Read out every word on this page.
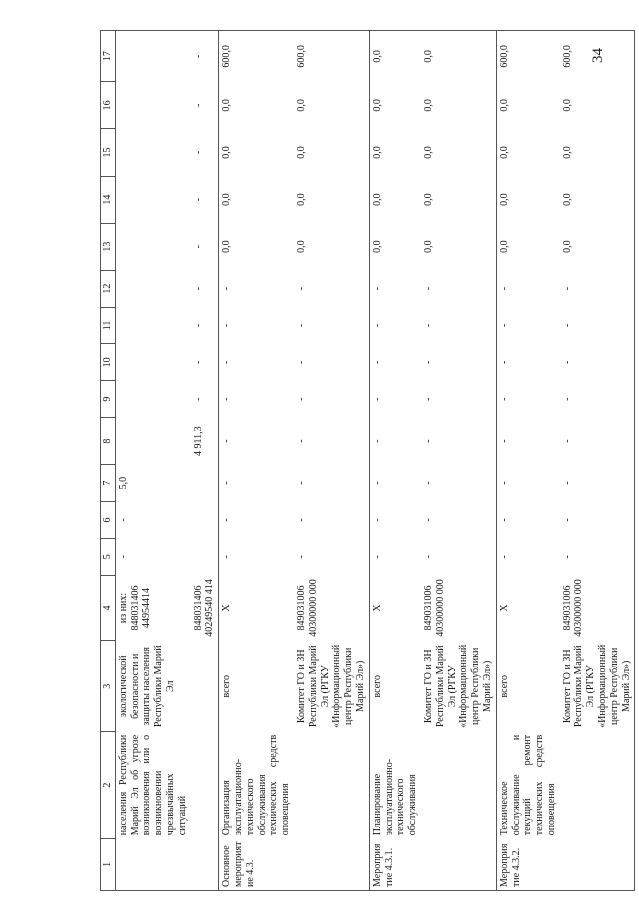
34
1	2	3	4	5	6	7	8	9	10	11	12	13	14	15	16	17
	населения Республики Марий Эл об угрозе возникновения или о возникновении чрезвычайных ситуаций	экологической безопасности и защиты населения Республики Марий Эл	из них: 848031406 44954414	-	-	5,0										
			848031406 40249540 414				4 911,3	-	-	-	-	-	-	-	-	-
Основное мероприятие 4.3.	Организация эксплуатационно-технического обслуживания технических средств оповещения	всего	X	-	-	-	-	-	-	-	-	0,0	0,0	0,0	0,0	600,0
		Комитет ГО и ЗН Республики Марий Эл (РГКУ «Информационный центр Республики Марий Эл»)	849031006 40300000 000	-	-	-	-	-	-	-	-	0,0	0,0	0,0	0,0	600,0
Мероприятие 4.3.1.	Планирование эксплуатационно-технического обслуживания	всего	X	-	-	-	-	-	-	-	-	0,0	0,0	0,0	0,0	0,0
		Комитет ГО и ЗН Республики Марий Эл (РГКУ «Информационный центр Республики Марий Эл»)	849031006 40300000 000	-	-	-	-	-	-	-	-	0,0	0,0	0,0	0,0	0,0
Мероприятие 4.3.2.	Техническое обслуживание и текущий ремонт технических средств оповещения	всего	X	-	-	-	-	-	-	-	-	0,0	0,0	0,0	0,0	600,0
		Комитет ГО и ЗН Республики Марий Эл (РГКУ «Информационный центр Республики Марий Эл»)	849031006 40300000 000	-	-	-	-	-	-	-	-	0,0	0,0	0,0	0,0	600,0
